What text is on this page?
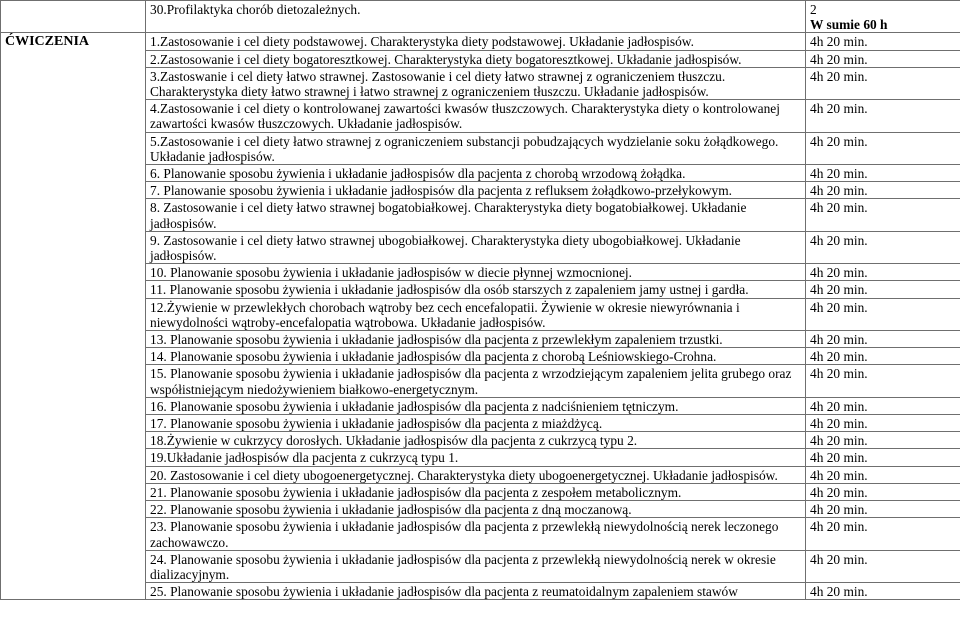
	30.Profilaktyka chorób dietozależnych.	2
W sumie 60 h

ĆWICZENIA	1.Zastosowanie i cel diety podstawowej. Charakterystyka diety podstawowej. Układanie jadłospisów.	4h 20 min.
	2.Zastosowanie i cel diety bogatoresztkowej. Charakterystyka diety bogatoresztkowej. Układanie jadłospisów.	4h 20 min.
	3.Zastoswanie i cel diety łatwo strawnej. Zastosowanie i cel diety łatwo strawnej z ograniczeniem tłuszczu. Charakterystyka diety łatwo strawnej i łatwo strawnej z ograniczeniem tłuszczu. Układanie jadłospisów.	4h 20 min.
	4.Zastosowanie i cel diety o kontrolowanej zawartości kwasów tłuszczowych. Charakterystyka diety o kontrolowanej zawartości kwasów tłuszczowych. Układanie jadłospisów.	4h 20 min.
	5.Zastosowanie i cel diety łatwo strawnej z ograniczeniem substancji pobudzających wydzielanie soku żołądkowego. Układanie jadłospisów.	4h 20 min.
	6. Planowanie sposobu żywienia i układanie jadłospisów dla pacjenta z chorobą wrzodową żołądka.	4h 20 min.
	7. Planowanie sposobu żywienia i układanie jadłospisów dla pacjenta z refluksem żołądkowo-przełykowym.	4h 20 min.
	8. Zastosowanie i cel diety łatwo strawnej bogatobiałkowej. Charakterystyka diety bogatobiałkowej. Układanie jadłospisów.	4h 20 min.
	9. Zastosowanie i cel diety łatwo strawnej ubogobiałkowej. Charakterystyka diety ubogobiałkowej. Układanie jadłospisów.	4h 20 min.
	10. Planowanie sposobu żywienia i układanie jadłospisów w diecie płynnej wzmocnionej.	4h 20 min.
	11. Planowanie sposobu żywienia i układanie jadłospisów dla osób starszych z zapaleniem jamy ustnej i gardła.	4h 20 min.
	12.Żywienie w przewlekłych chorobach wątroby bez cech encefalopatii. Żywienie w okresie niewyrównania i niewydolności wątroby-encefalopatia wątrobowa. Układanie jadłospisów.	4h 20 min.
	13. Planowanie sposobu żywienia i układanie jadłospisów dla pacjenta z przewlekłym zapaleniem trzustki.	4h 20 min.
	14. Planowanie sposobu żywienia i układanie jadłospisów dla pacjenta z chorobą Leśniowskiego-Crohna.	4h 20 min.
	15. Planowanie sposobu żywienia i układanie jadłospisów dla pacjenta z wrzodziejącym zapaleniem jelita grubego oraz współistniejącym niedożywieniem białkowo-energetycznym.	4h 20 min.
	16. Planowanie sposobu żywienia i układanie jadłospisów dla pacjenta z nadciśnieniem tętniczym.	4h 20 min.
	17. Planowanie sposobu żywienia i układanie jadłospisów dla pacjenta z miażdżycą.	4h 20 min.
	18.Żywienie w cukrzycy dorosłych. Układanie jadłospisów dla pacjenta z cukrzycą typu 2.	4h 20 min.
	19.Układanie jadłospisów dla pacjenta z cukrzycą typu 1.	4h 20 min.
	20. Zastosowanie i cel diety ubogoenergetycznej. Charakterystyka diety ubogoenergetycznej. Układanie jadłospisów.	4h 20 min.
	21. Planowanie sposobu żywienia i układanie jadłospisów dla pacjenta z zespołem metabolicznym.	4h 20 min.
	22. Planowanie sposobu żywienia i układanie jadłospisów dla pacjenta z dną moczanową.	4h 20 min.
	23. Planowanie sposobu żywienia i układanie jadłospisów dla pacjenta z przewlekłą niewydolnością nerek leczonego zachowawczo.	4h 20 min.
	24. Planowanie sposobu żywienia i układanie jadłospisów dla pacjenta z przewlekłą niewydolnością nerek w okresie dializacyjnym.	4h 20 min.
	25. Planowanie sposobu żywienia i układanie jadłospisów dla pacjenta z reumatoidalnym zapaleniem stawów	4h 20 min.
